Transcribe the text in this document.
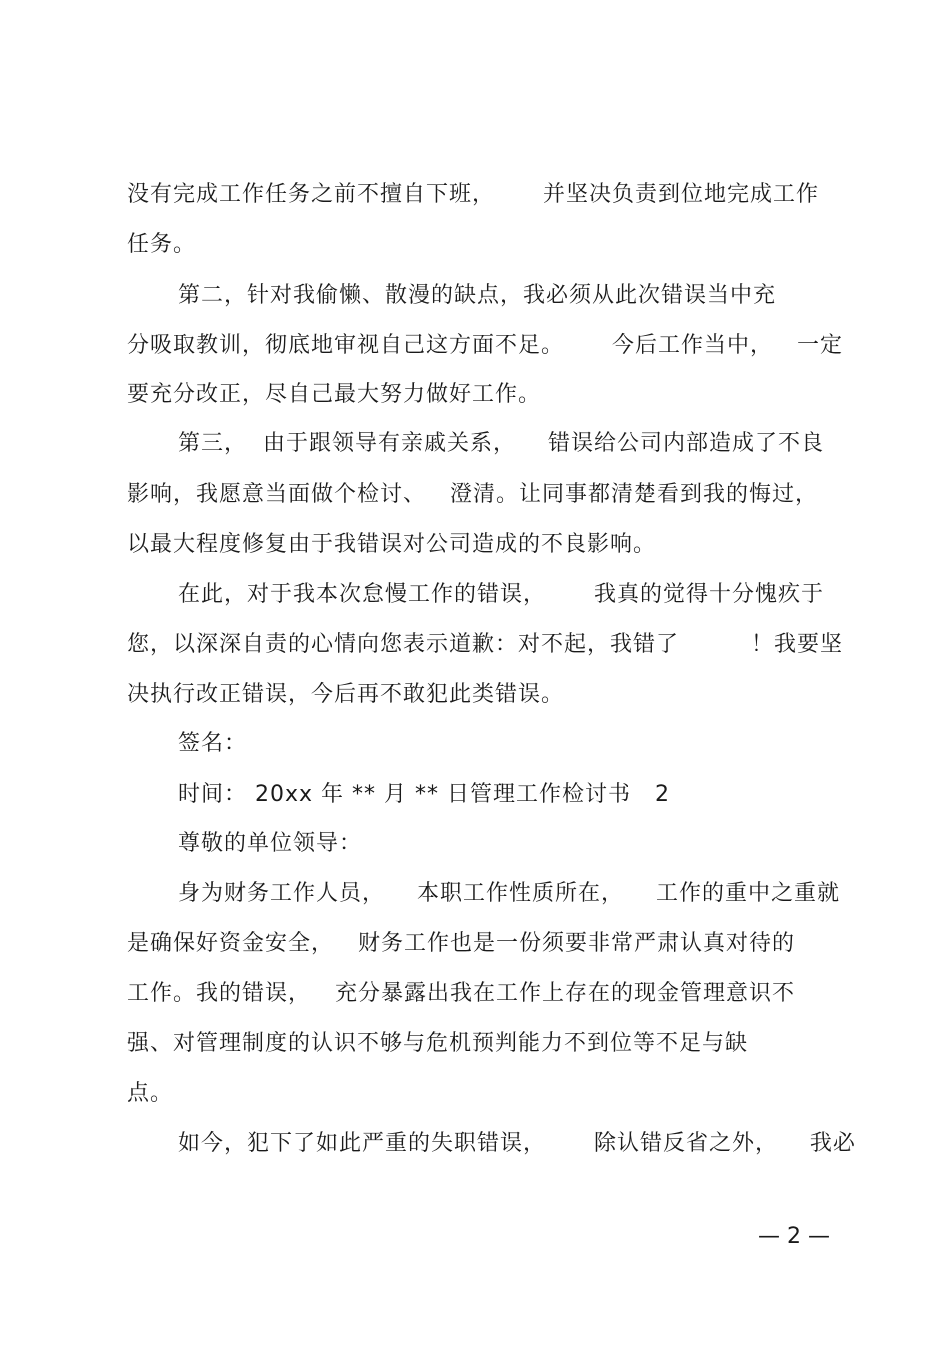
没有完成工作任务之前不擅自下班，      并坚决负责到位地完成工作
任务。
第二，针对我偷懒、散漫的缺点，我必须从此次错误当中充
分吸取教训，彻底地审视自己这方面不足。      今后工作当中，   一定
要充分改正，尽自己最大努力做好工作。
第三，  由于跟领导有亲戚关系，    错误给公司内部造成了不良
影响，我愿意当面做个检讨、   澄清。让同事都清楚看到我的悔过，
以最大程度修复由于我错误对公司造成的不良影响。
在此，对于我本次怠慢工作的错误，      我真的觉得十分愧疚于
您，以深深自责的心情向您表示道歉：对不起，我错了         ！我要坚
决执行改正错误，今后再不敢犯此类错误。
签名：
时间： 20xx 年 ** 月 ** 日管理工作检讨书   2
尊敬的单位领导：
身为财务工作人员，    本职工作性质所在，    工作的重中之重就
是确保好资金安全，   财务工作也是一份须要非常严肃认真对待的
工作。我的错误，   充分暴露出我在工作上存在的现金管理意识不
强、对管理制度的认识不够与危机预判能力不到位等不足与缺
点。
如今，犯下了如此严重的失职错误，      除认错反省之外，    我必
— 2 —
